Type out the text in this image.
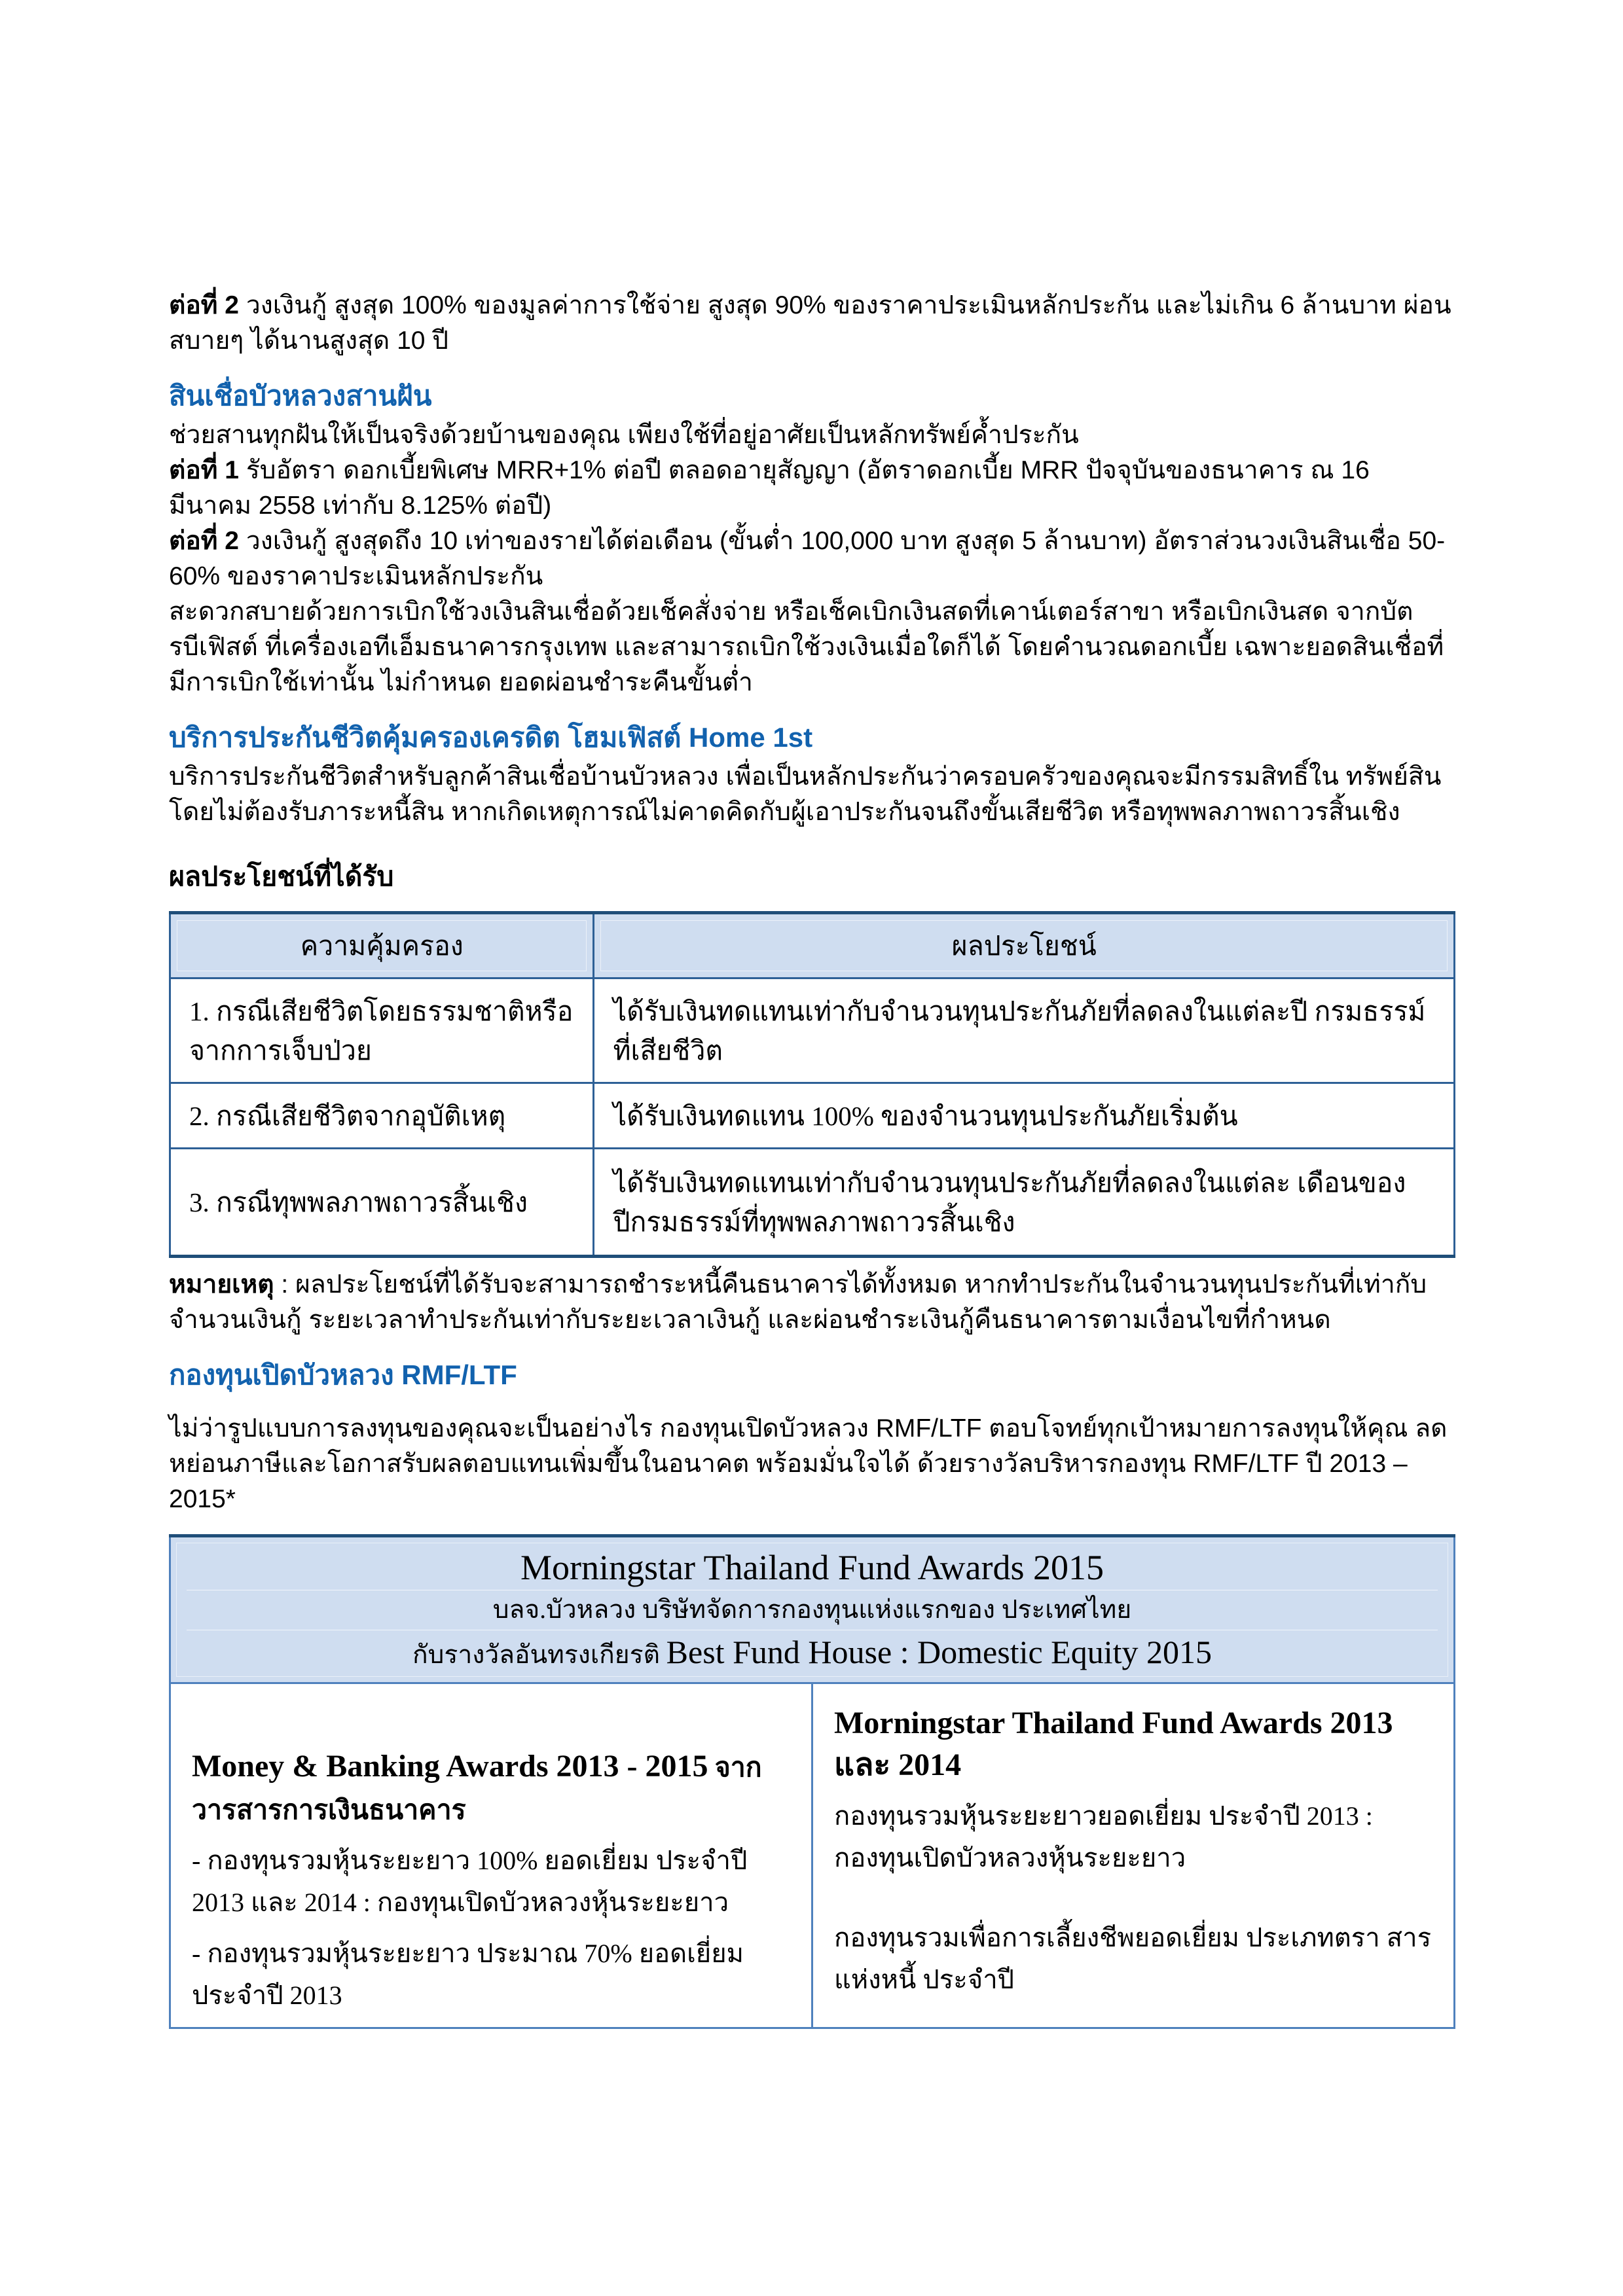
ต่อที่ 2 วงเงินกู้ สูงสุด 100% ของมูลค่าการใช้จ่าย สูงสุด 90% ของราคาประเมินหลักประกัน และไม่เกิน 6 ล้านบาท ผ่อนสบายๆ ได้นานสูงสุด 10 ปี

สินเชื่อบัวหลวงสานฝัน

ช่วยสานทุกฝันให้เป็นจริงด้วยบ้านของคุณ เพียงใช้ที่อยู่อาศัยเป็นหลักทรัพย์ค้ำประกัน

ต่อที่ 1 รับอัตรา ดอกเบี้ยพิเศษ MRR+1% ต่อปี ตลอดอายุสัญญา (อัตราดอกเบี้ย MRR ปัจจุบันของธนาคาร ณ 16 มีนาคม 2558 เท่ากับ 8.125% ต่อปี)

ต่อที่ 2 วงเงินกู้ สูงสุดถึง 10 เท่าของรายได้ต่อเดือน (ขั้นต่ำ 100,000 บาท สูงสุด 5 ล้านบาท) อัตราส่วนวงเงินสินเชื่อ 50-60% ของราคาประเมินหลักประกัน

สะดวกสบายด้วยการเบิกใช้วงเงินสินเชื่อด้วยเช็คสั่งจ่าย หรือเช็คเบิกเงินสดที่เคาน์เตอร์สาขา หรือเบิกเงินสด จากบัตรบีเฟิสต์ ที่เครื่องเอทีเอ็มธนาคารกรุงเทพ และสามารถเบิกใช้วงเงินเมื่อใดก็ได้ โดยคำนวณดอกเบี้ย เฉพาะยอดสินเชื่อที่มีการเบิกใช้เท่านั้น ไม่กำหนด ยอดผ่อนชำระคืนขั้นต่ำ

บริการประกันชีวิตคุ้มครองเครดิต โฮมเฟิสต์ Home 1st

บริการประกันชีวิตสำหรับลูกค้าสินเชื่อบ้านบัวหลวง เพื่อเป็นหลักประกันว่าครอบครัวของคุณจะมีกรรมสิทธิ์ใน ทรัพย์สิน โดยไม่ต้องรับภาระหนี้สิน หากเกิดเหตุการณ์ไม่คาดคิดกับผู้เอาประกันจนถึงขั้นเสียชีวิต หรือทุพพลภาพถาวรสิ้นเชิง

ผลประโยชน์ที่ได้รับ
ความคุ้มครอง	ผลประโยชน์
1. กรณีเสียชีวิตโดยธรรมชาติหรือจากการเจ็บป่วย	ได้รับเงินทดแทนเท่ากับจำนวนทุนประกันภัยที่ลดลงในแต่ละปี กรมธรรม์ที่เสียชีวิต
2. กรณีเสียชีวิตจากอุบัติเหตุ	ได้รับเงินทดแทน 100% ของจำนวนทุนประกันภัยเริ่มต้น
3. กรณีทุพพลภาพถาวรสิ้นเชิง	ได้รับเงินทดแทนเท่ากับจำนวนทุนประกันภัยที่ลดลงในแต่ละ เดือนของปีกรมธรรม์ที่ทุพพลภาพถาวรสิ้นเชิง

หมายเหตุ : ผลประโยชน์ที่ได้รับจะสามารถชำระหนี้คืนธนาคารได้ทั้งหมด หากทำประกันในจำนวนทุนประกันที่เท่ากับ จำนวนเงินกู้ ระยะเวลาทำประกันเท่ากับระยะเวลาเงินกู้ และผ่อนชำระเงินกู้คืนธนาคารตามเงื่อนไขที่กำหนด

กองทุนเปิดบัวหลวง RMF/LTF

ไม่ว่ารูปแบบการลงทุนของคุณจะเป็นอย่างไร กองทุนเปิดบัวหลวง RMF/LTF ตอบโจทย์ทุกเป้าหมายการลงทุนให้คุณ ลดหย่อนภาษีและโอกาสรับผลตอบแทนเพิ่มขึ้นในอนาคต พร้อมมั่นใจได้ ด้วยรางวัลบริหารกองทุน RMF/LTF ปี 2013 – 2015*

Morningstar Thailand Fund Awards 2015
บลจ.บัวหลวง บริษัทจัดการกองทุนแห่งแรกของ ประเทศไทย
กับรางวัลอันทรงเกียรติ Best Fund House : Domestic Equity 2015

Money & Banking Awards 2013 - 2015 จาก วารสารการเงินธนาคาร
- กองทุนรวมหุ้นระยะยาว 100% ยอดเยี่ยม ประจำปี 2013 และ 2014 : กองทุนเปิดบัวหลวงหุ้นระยะยาว
- กองทุนรวมหุ้นระยะยาว ประมาณ 70% ยอดเยี่ยม ประจำปี 2013

Morningstar Thailand Fund Awards 2013 และ 2014
กองทุนรวมหุ้นระยะยาวยอดเยี่ยม ประจำปี 2013 : กองทุนเปิดบัวหลวงหุ้นระยะยาว
กองทุนรวมเพื่อการเลี้ยงชีพยอดเยี่ยม ประเภทตรา สารแห่งหนี้ ประจำปี
